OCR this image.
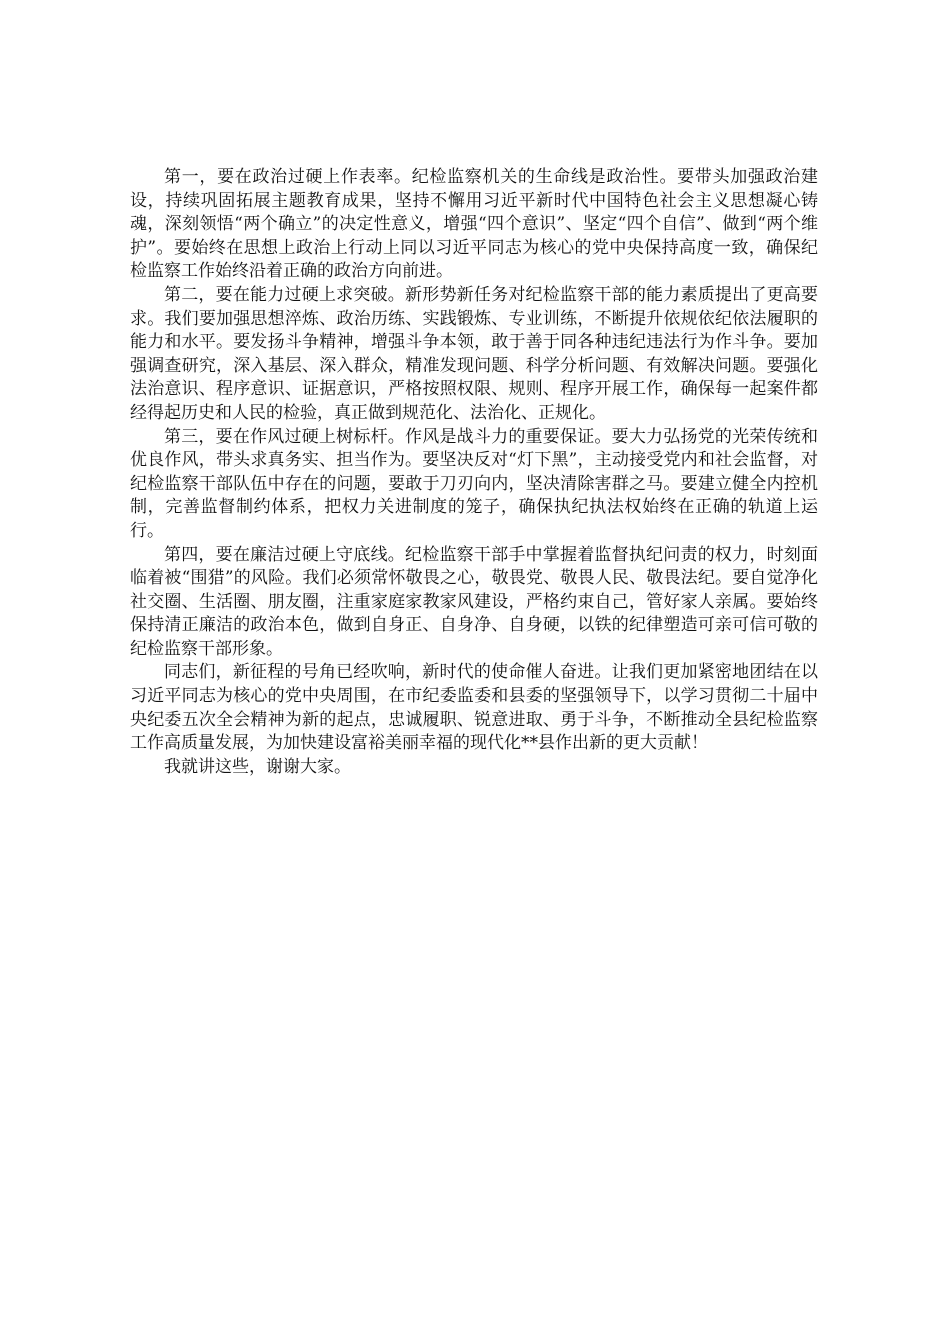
第一，要在政治过硬上作表率。纪检监察机关的生命线是政治性。要带头加强政治建设，持续巩固拓展主题教育成果，坚持不懈用习近平新时代中国特色社会主义思想凝心铸魂，深刻领悟“两个确立”的决定性意义，增强“四个意识”、坚定“四个自信”、做到“两个维护”。要始终在思想上政治上行动上同以习近平同志为核心的党中央保持高度一致，确保纪检监察工作始终沿着正确的政治方向前进。

第二，要在能力过硬上求突破。新形势新任务对纪检监察干部的能力素质提出了更高要求。我们要加强思想淬炼、政治历练、实践锻炼、专业训练，不断提升依规依纪依法履职的能力和水平。要发扬斗争精神，增强斗争本领，敢于善于同各种违纪违法行为作斗争。要加强调查研究，深入基层、深入群众，精准发现问题、科学分析问题、有效解决问题。要强化法治意识、程序意识、证据意识，严格按照权限、规则、程序开展工作，确保每一起案件都经得起历史和人民的检验，真正做到规范化、法治化、正规化。

第三，要在作风过硬上树标杆。作风是战斗力的重要保证。要大力弘扬党的光荣传统和优良作风，带头求真务实、担当作为。要坚决反对“灯下黑”，主动接受党内和社会监督，对纪检监察干部队伍中存在的问题，要敢于刀刃向内，坚决清除害群之马。要建立健全内控机制，完善监督制约体系，把权力关进制度的笼子，确保执纪执法权始终在正确的轨道上运行。

第四，要在廉洁过硬上守底线。纪检监察干部手中掌握着监督执纪问责的权力，时刻面临着被“围猎”的风险。我们必须常怀敬畏之心，敬畏党、敬畏人民、敬畏法纪。要自觉净化社交圈、生活圈、朋友圈，注重家庭家教家风建设，严格约束自己，管好家人亲属。要始终保持清正廉洁的政治本色，做到自身正、自身净、自身硬，以铁的纪律塑造可亲可信可敬的纪检监察干部形象。

同志们，新征程的号角已经吹响，新时代的使命催人奋进。让我们更加紧密地团结在以习近平同志为核心的党中央周围，在市纪委监委和县委的坚强领导下，以学习贯彻二十届中央纪委五次全会精神为新的起点，忠诚履职、锐意进取、勇于斗争，不断推动全县纪检监察工作高质量发展，为加快建设富裕美丽幸福的现代化**县作出新的更大贡献！

我就讲这些，谢谢大家。
